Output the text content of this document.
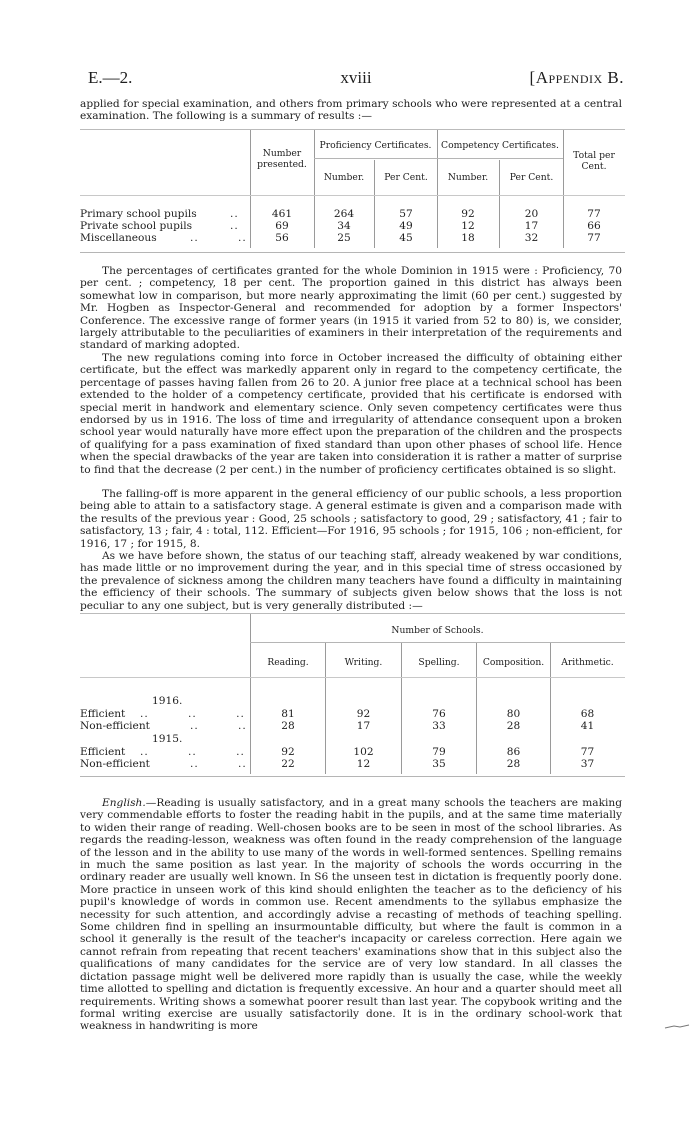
E.—2.	xviii	[Appendix B.

applied for special examination, and others from primary schools who were represented at a central examination. The following is a summary of results :—

Number presented.
Proficiency Certificates.	Competency Certificates.
Total per Cent.
Number.	Per Cent.	Number.	Per Cent.
Primary school pupils	..	461	264	57	92	20	77
Private school pupils	..	69	34	49	12	17	66
Miscellaneous	..         ..	56	25	45	18	32	77

The percentages of certificates granted for the whole Dominion in 1915 were : Proficiency, 70 per cent. ; competency, 18 per cent. The proportion gained in this district has always been somewhat low in comparison, but more nearly approximating the limit (60 per cent.) suggested by Mr. Hogben as Inspector-General and recommended for adoption by a former Inspectors' Conference. The excessive range of former years (in 1915 it varied from 52 to 80) is, we consider, largely attributable to the peculiarities of examiners in their interpretation of the requirements and standard of marking adopted.

The new regulations coming into force in October increased the difficulty of obtaining either certificate, but the effect was markedly apparent only in regard to the competency certificate, the percentage of passes having fallen from 26 to 20. A junior free place at a technical school has been extended to the holder of a competency certificate, provided that his certificate is endorsed with special merit in handwork and elementary science. Only seven competency certificates were thus endorsed by us in 1916. The loss of time and irregularity of attendance consequent upon a broken school year would naturally have more effect upon the preparation of the children and the prospects of qualifying for a pass examination of fixed standard than upon other phases of school life. Hence when the special drawbacks of the year are taken into consideration it is rather a matter of surprise to find that the decrease (2 per cent.) in the number of proficiency certificates obtained is so slight.

The falling-off is more apparent in the general efficiency of our public schools, a less proportion being able to attain to a satisfactory stage. A general estimate is given and a comparison made with the results of the previous year : Good, 25 schools ; satisfactory to good, 29 ; satisfactory, 41 ; fair to satisfactory, 13 ; fair, 4 : total, 112. Efficient—For 1916, 95 schools ; for 1915, 106 ; non-efficient, for 1916, 17 ; for 1915, 8.

As we have before shown, the status of our teaching staff, already weakened by war conditions, has made little or no improvement during the year, and in this special time of stress occasioned by the prevalence of sickness among the children many teachers have found a difficulty in maintaining the efficiency of their schools. The summary of subjects given below shows that the loss is not peculiar to any one subject, but is very generally distributed :—

Number of Schools.
Reading.	Writing.	Spelling.	Composition.	Arithmetic.
1916.
Efficient ..         ..         ..	81	92	76	80	68
Non-efficient	..         ..	28	17	33	28	41
1915.
Efficient ..         ..         ..	92	102	79	86	77
Non-efficient	..         ..	22	12	35	28	37

English.—Reading is usually satisfactory, and in a great many schools the teachers are making very commendable efforts to foster the reading habit in the pupils, and at the same time materially to widen their range of reading. Well-chosen books are to be seen in most of the school libraries. As regards the reading-lesson, weakness was often found in the ready comprehension of the language of the lesson and in the ability to use many of the words in well-formed sentences. Spelling remains in much the same position as last year. In the majority of schools the words occurring in the ordinary reader are usually well known. In S6 the unseen test in dictation is frequently poorly done. More practice in unseen work of this kind should enlighten the teacher as to the deficiency of his pupil's knowledge of words in common use. Recent amendments to the syllabus emphasize the necessity for such attention, and accordingly advise a recasting of methods of teaching spelling. Some children find in spelling an insurmountable difficulty, but where the fault is common in a school it generally is the result of the teacher's incapacity or careless correction. Here again we cannot refrain from repeating that recent teachers' examinations show that in this subject also the qualifications of many candidates for the service are of very low standard. In all classes the dictation passage might well be delivered more rapidly than is usually the case, while the weekly time allotted to spelling and dictation is frequently excessive. An hour and a quarter should meet all requirements. Writing shows a somewhat poorer result than last year. The copybook writing and the formal writing exercise are usually satisfactorily done. It is in the ordinary school-work that weakness in handwriting is more
